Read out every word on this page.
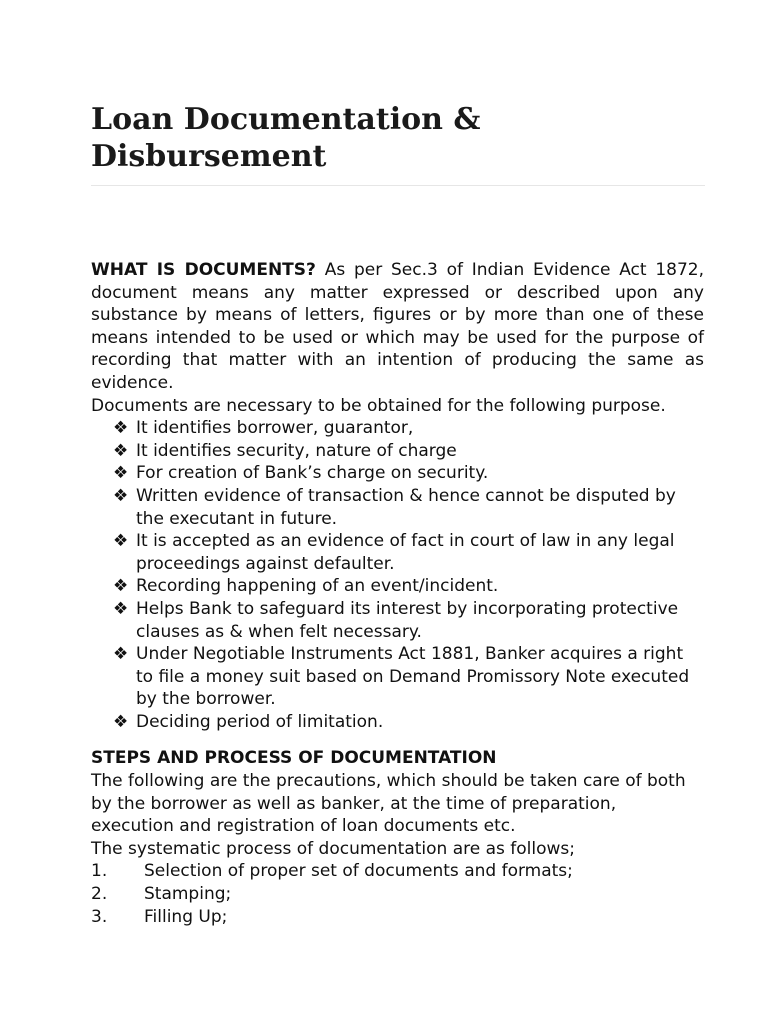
Loan Documentation & Disbursement

WHAT IS DOCUMENTS? As per Sec.3 of Indian Evidence Act 1872, document means any matter expressed or described upon any substance by means of letters, figures or by more than one of these means intended to be used or which may be used for the purpose of recording that matter with an intention of producing the same as evidence.

Documents are necessary to be obtained for the following purpose.

❖ It identifies borrower, guarantor,
❖ It identifies security, nature of charge
❖ For creation of Bank’s charge on security.
❖ Written evidence of transaction & hence cannot be disputed by the executant in future.
❖ It is accepted as an evidence of fact in court of law in any legal proceedings against defaulter.
❖ Recording happening of an event/incident.
❖ Helps Bank to safeguard its interest by incorporating protective clauses as & when felt necessary.
❖ Under Negotiable Instruments Act 1881, Banker acquires a right to file a money suit based on Demand Promissory Note executed by the borrower.
❖ Deciding period of limitation.

STEPS AND PROCESS OF DOCUMENTATION

The following are the precautions, which should be taken care of both by the borrower as well as banker, at the time of preparation, execution and registration of loan documents etc.

The systematic process of documentation are as follows;

1. Selection of proper set of documents and formats;
2. Stamping;
3. Filling Up;
